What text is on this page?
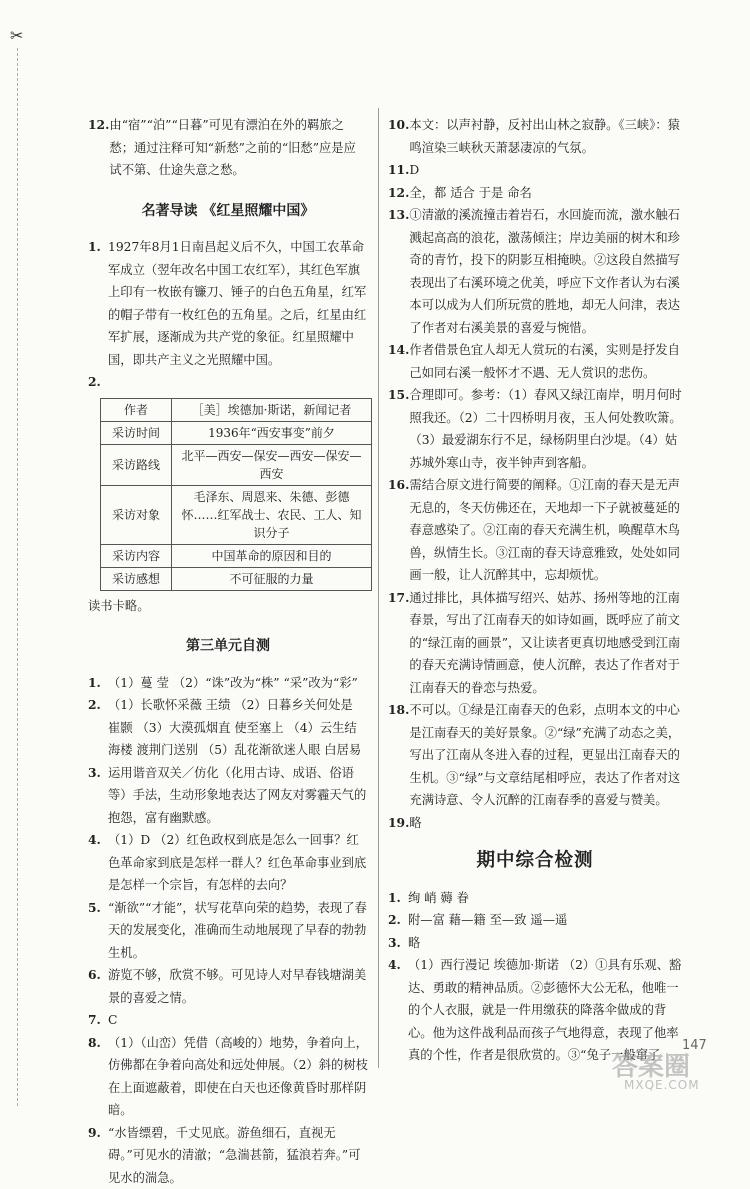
✂
12. 由“宿”“泊”“日暮”可见有漂泊在外的羁旅之愁；通过注释可知“新愁”之前的“旧愁”应是应试不第、仕途失意之愁。
名著导读 《红星照耀中国》
1. 1927年8月1日南昌起义后不久，中国工农革命军成立（翌年改名中国工农红军），其红色军旗上印有一枚嵌有镰刀、锤子的白色五角星，红军的帽子带有一枚红色的五角星。之后，红星由红军扩展，逐渐成为共产党的象征。红星照耀中国，即共产主义之光照耀中国。
2.
作者	［美］埃德加·斯诺，新闻记者
采访时间	1936年“西安事变”前夕
采访路线	北平—西安—保安—西安—保安—西安
采访对象	毛泽东、周恩来、朱德、彭德怀……红军战士、农民、工人、知识分子
采访内容	中国革命的原因和目的
采访感想	不可征服的力量
读书卡略。
第三单元自测
1. （1）蔓 莹 （2）“诛”改为“株” “采”改为“彩”
2. （1）长歌怀采薇 王绩 （2）日暮乡关何处是 崔颢 （3）大漠孤烟直 使至塞上 （4）云生结海楼 渡荆门送别 （5）乱花渐欲迷人眼 白居易
3. 运用谐音双关／仿化（化用古诗、成语、俗语等）手法，生动形象地表达了网友对雾霾天气的抱怨，富有幽默感。
4. （1）D （2）红色政权到底是怎么一回事？红色革命家到底是怎样一群人？红色革命事业到底是怎样一个宗旨，有怎样的去向？
5. “渐欲”“才能”，状写花草向荣的趋势，表现了春天的发展变化，准确而生动地展现了早春的勃勃生机。
6. 游览不够，欣赏不够。可见诗人对早春钱塘湖美景的喜爱之情。
7. C
8. （1）（山峦）凭借（高峻的）地势，争着向上，仿佛都在争着向高处和远处伸展。（2）斜的树枝在上面遮蔽着，即使在白天也还像黄昏时那样阴暗。
9. “水皆缥碧，千丈见底。游鱼细石，直视无碍。”可见水的清澈；“急湍甚箭，猛浪若奔。”可见水的湍急。
10. 本文：以声衬静，反衬出山林之寂静。《三峡》：猿鸣渲染三峡秋天萧瑟凄凉的气氛。
11. D
12. 全，都 适合 于是 命名
13. ①清澈的溪流撞击着岩石，水回旋而流，激水触石溅起高高的浪花，激荡倾注；岸边美丽的树木和珍奇的青竹，投下的阴影互相掩映。②这段自然描写表现出了右溪环境之优美，呼应下文作者认为右溪本可以成为人们所玩赏的胜地，却无人问津，表达了作者对右溪美景的喜爱与惋惜。
14. 作者借景色宜人却无人赏玩的右溪，实则是抒发自己如同右溪一般怀才不遇、无人赏识的悲伤。
15. 合理即可。参考：（1）春风又绿江南岸，明月何时照我还。（2）二十四桥明月夜，玉人何处教吹箫。（3）最爱湖东行不足，绿杨阴里白沙堤。（4）姑苏城外寒山寺，夜半钟声到客船。
16. 需结合原文进行简要的阐释。①江南的春天是无声无息的，冬天仿佛还在，天地却一下子就被蔓延的春意感染了。②江南的春天充满生机，唤醒草木鸟兽，纵情生长。③江南的春天诗意雅致，处处如同画一般，让人沉醉其中，忘却烦忧。
17. 通过排比，具体描写绍兴、姑苏、扬州等地的江南春景，写出了江南春天的如诗如画，既呼应了前文的“绿江南的画景”，又让读者更真切地感受到江南的春天充满诗情画意，使人沉醉，表达了作者对于江南春天的眷恋与热爱。
18. 不可以。①绿是江南春天的色彩，点明本文的中心是江南春天的美好景象。②“绿”充满了动态之美，写出了江南从冬进入春的过程，更显出江南春天的生机。③“绿”与文章结尾相呼应，表达了作者对这充满诗意、令人沉醉的江南春季的喜爱与赞美。
19. 略
期中综合检测
1. 绚 峭 薅 眷
2. 附—富 藉—籍 至—致 遥—遥
3. 略
4. （1）西行漫记 埃德加·斯诺 （2）①具有乐观、豁达、勇敢的精神品质。②彭德怀大公无私，他唯一的个人衣服，就是一件用缴获的降落伞做成的背心。他为这件战利品而孩子气地得意，表现了他率真的个性，作者是很欣赏的。③“兔子一般窜了
147
答案圈
MXQE.COM
